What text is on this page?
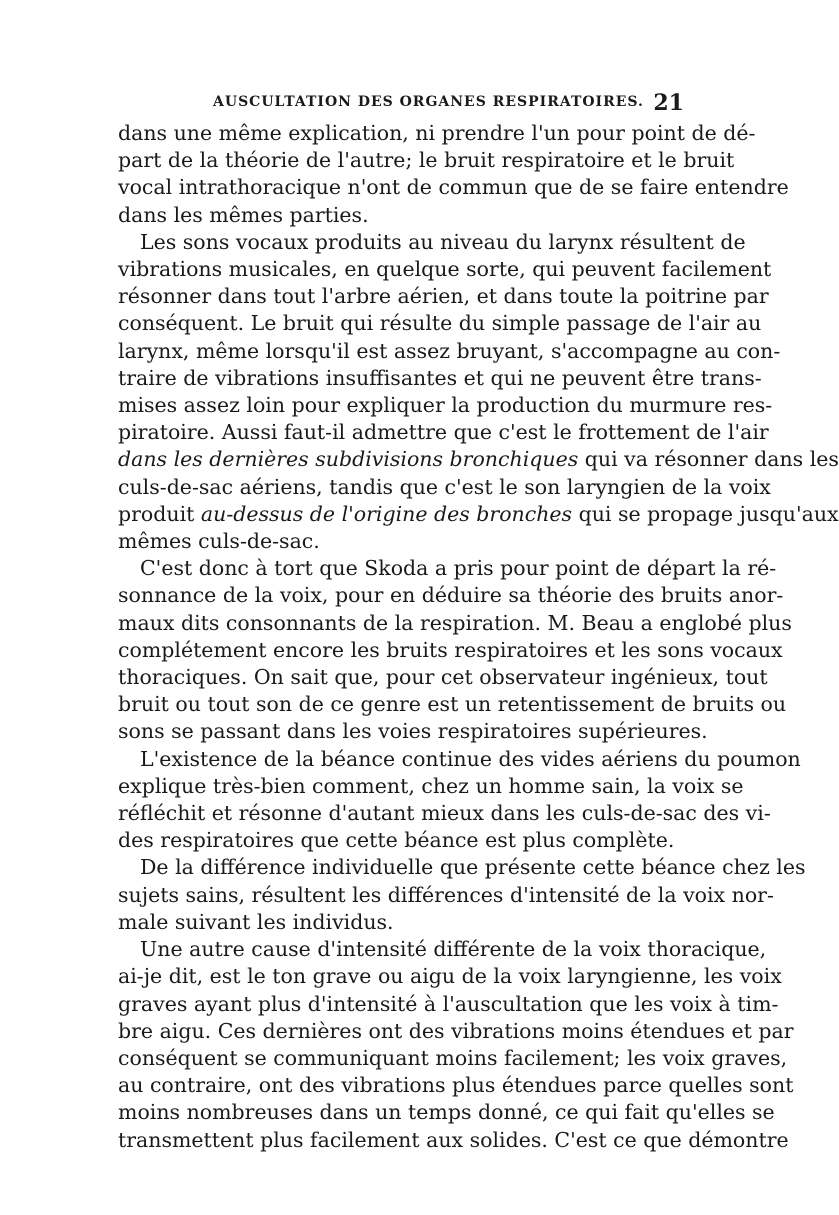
AUSCULTATION DES ORGANES RESPIRATOIRES. 21
dans une même explication, ni prendre l'un pour point de dé-
part de la théorie de l'autre; le bruit respiratoire et le bruit
vocal intrathoracique n'ont de commun que de se faire entendre
dans les mêmes parties.
Les sons vocaux produits au niveau du larynx résultent de
vibrations musicales, en quelque sorte, qui peuvent facilement
résonner dans tout l'arbre aérien, et dans toute la poitrine par
conséquent. Le bruit qui résulte du simple passage de l'air au
larynx, même lorsqu'il est assez bruyant, s'accompagne au con-
traire de vibrations insuffisantes et qui ne peuvent être trans-
mises assez loin pour expliquer la production du murmure res-
piratoire. Aussi faut-il admettre que c'est le frottement de l'air
dans les dernières subdivisions bronchiques qui va résonner dans les
culs-de-sac aériens, tandis que c'est le son laryngien de la voix
produit au-dessus de l'origine des bronches qui se propage jusqu'aux
mêmes culs-de-sac.
C'est donc à tort que Skoda a pris pour point de départ la ré-
sonnance de la voix, pour en déduire sa théorie des bruits anor-
maux dits consonnants de la respiration. M. Beau a englobé plus
complétement encore les bruits respiratoires et les sons vocaux
thoraciques. On sait que, pour cet observateur ingénieux, tout
bruit ou tout son de ce genre est un retentissement de bruits ou
sons se passant dans les voies respiratoires supérieures.
L'existence de la béance continue des vides aériens du poumon
explique très-bien comment, chez un homme sain, la voix se
réfléchit et résonne d'autant mieux dans les culs-de-sac des vi-
des respiratoires que cette béance est plus complète.
De la différence individuelle que présente cette béance chez les
sujets sains, résultent les différences d'intensité de la voix nor-
male suivant les individus.
Une autre cause d'intensité différente de la voix thoracique,
ai-je dit, est le ton grave ou aigu de la voix laryngienne, les voix
graves ayant plus d'intensité à l'auscultation que les voix à tim-
bre aigu. Ces dernières ont des vibrations moins étendues et par
conséquent se communiquant moins facilement; les voix graves,
au contraire, ont des vibrations plus étendues parce quelles sont
moins nombreuses dans un temps donné, ce qui fait qu'elles se
transmettent plus facilement aux solides. C'est ce que démontre
